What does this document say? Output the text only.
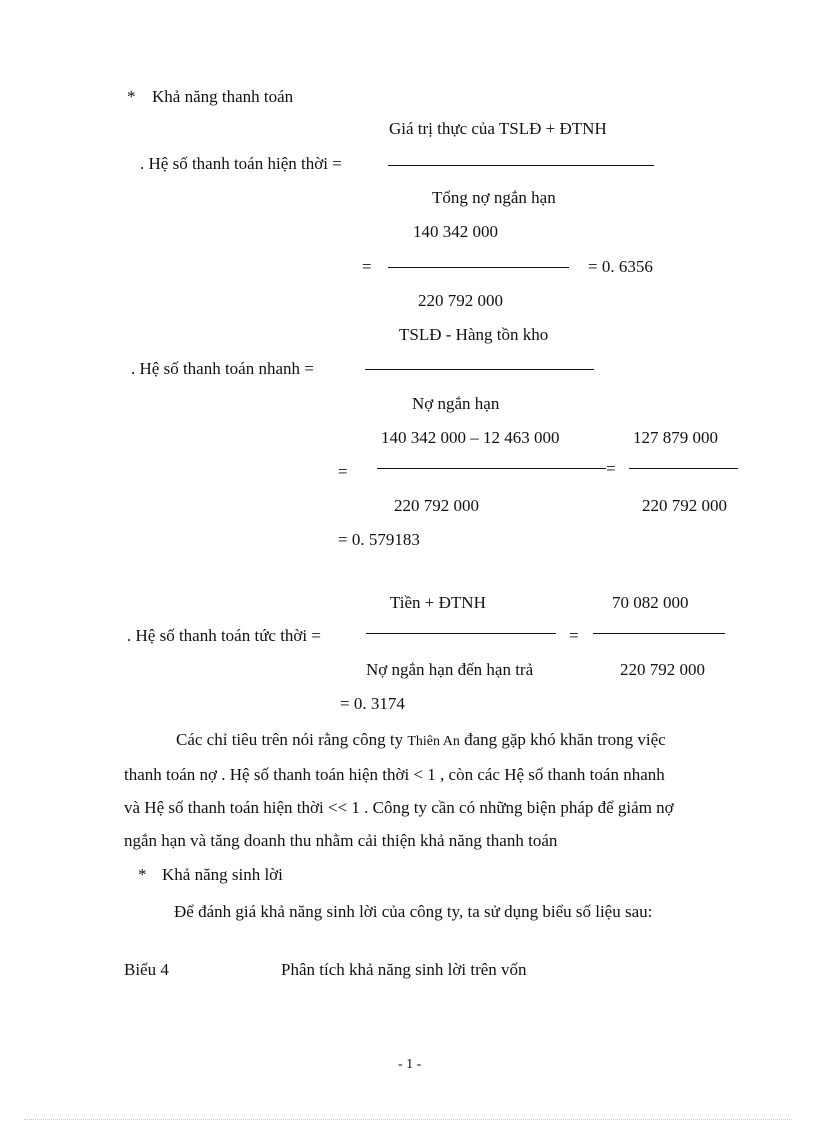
* Khả năng thanh toán
Giá trị thực của TSLĐ + ĐTNH
. Hệ số thanh toán hiện thời =
Tổng nợ ngắn hạn
140 342 000
=	= 0. 6356
220 792 000
TSLĐ - Hàng tồn kho
. Hệ số thanh toán nhanh =
Nợ ngắn hạn
140 342 000 – 12 463 000	127 879 000
=	=
220 792 000	220 792 000
= 0. 579183
Tiền + ĐTNH	70 082 000
. Hệ số thanh toán tức thời =	=
Nợ ngắn hạn đến hạn trả	220 792 000
= 0. 3174
Các chỉ tiêu trên nói rằng công ty Thiên An đang gặp khó khăn trong việc
thanh toán nợ . Hệ số thanh toán hiện thời < 1 , còn các Hệ số thanh toán nhanh
và Hệ số thanh toán hiện thời << 1 . Công ty cần có những biện pháp để giảm nợ
ngắn hạn và tăng doanh thu nhằm cải thiện khả năng thanh toán
* Khả năng sinh lời
Để đánh giá khả năng sinh lời của công ty, ta sử dụng biểu số liệu sau:
Biểu 4	Phân tích khả năng sinh lời trên vốn
- 1 -
